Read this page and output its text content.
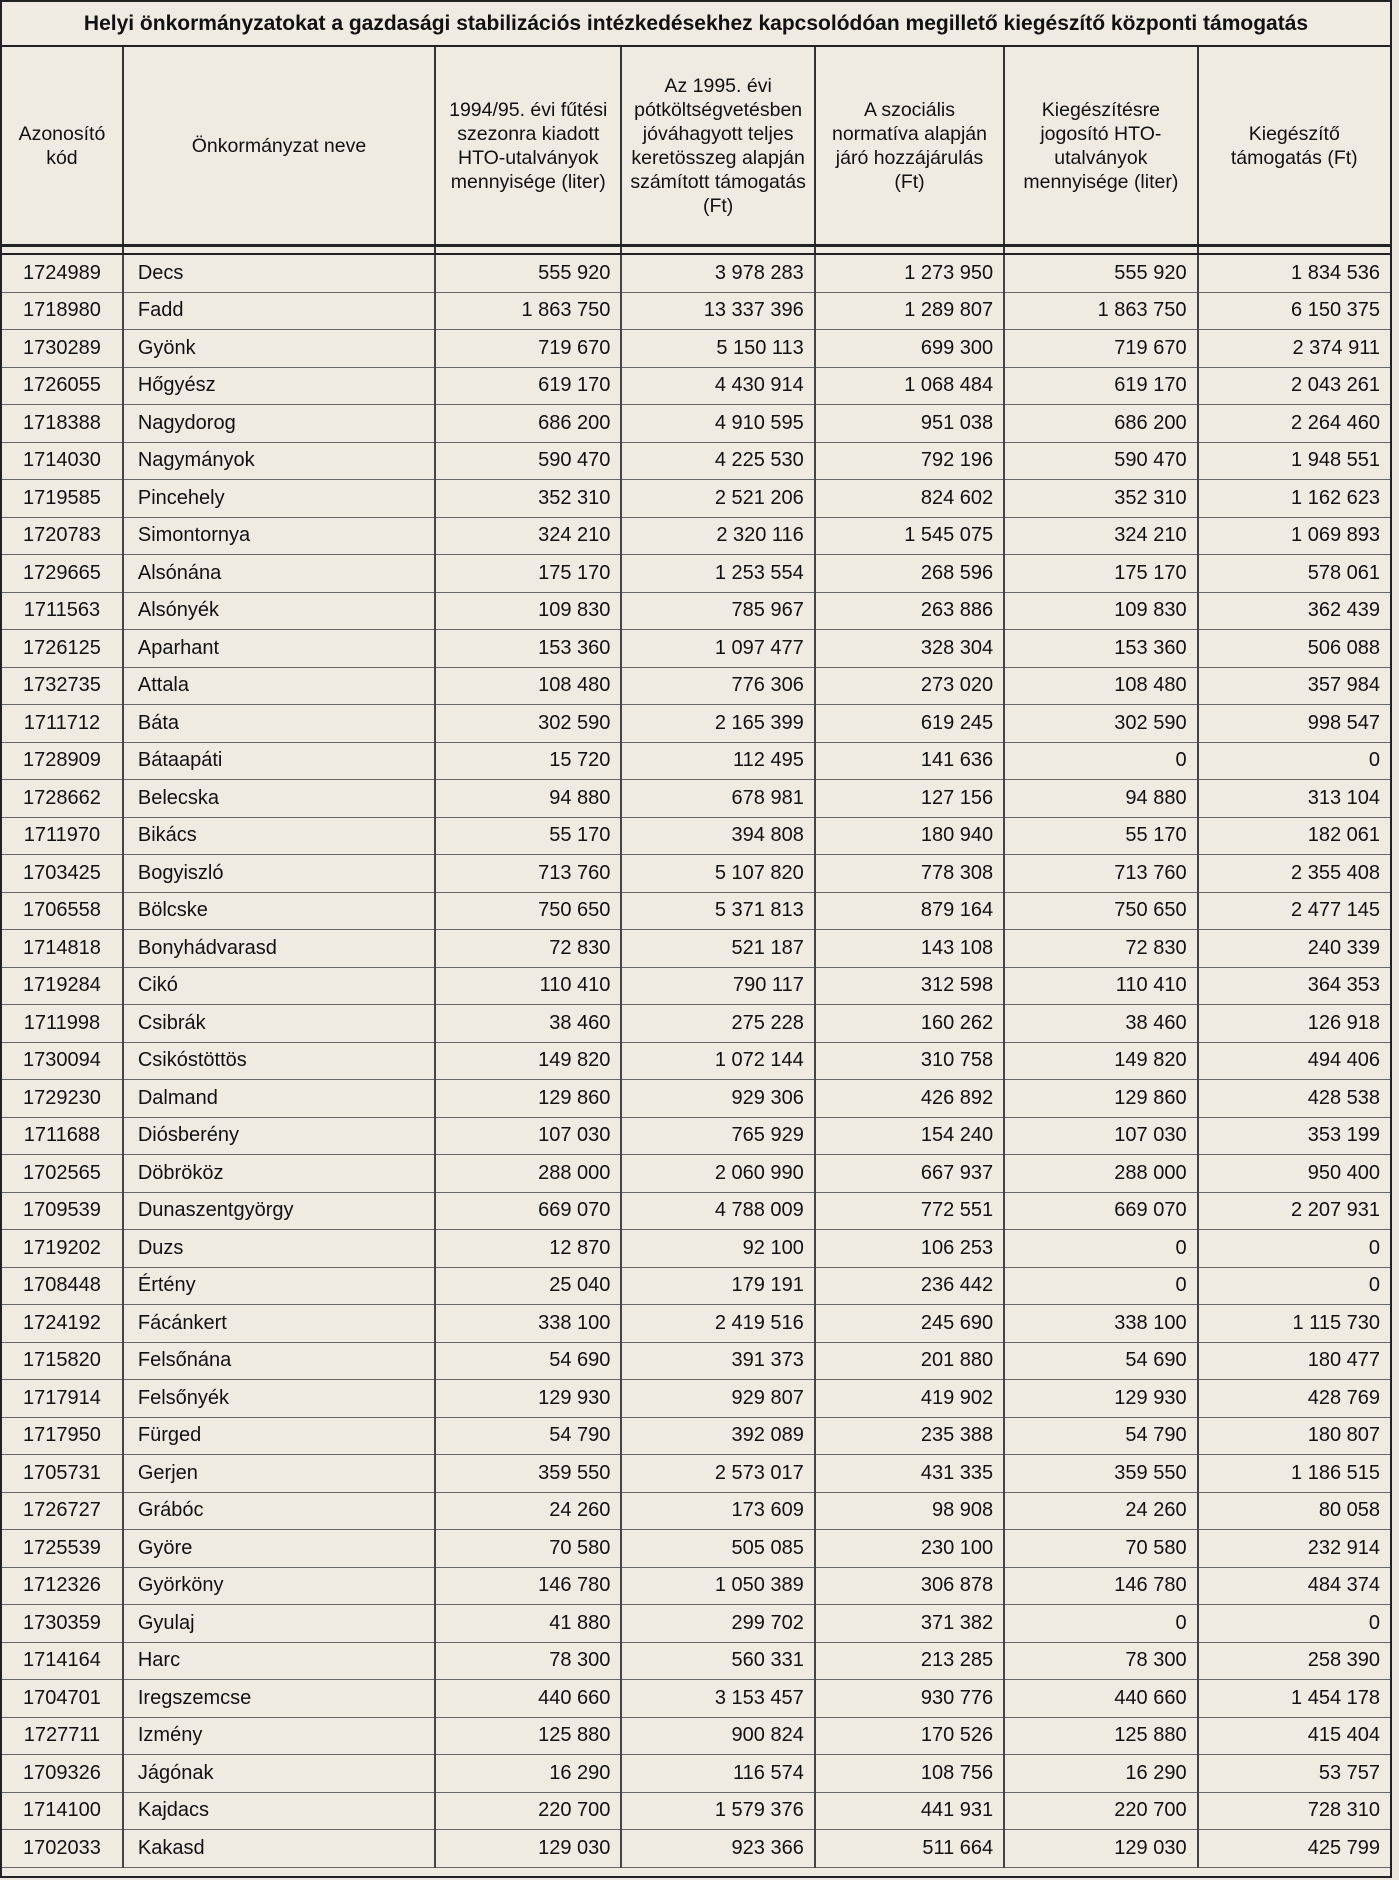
Helyi önkormányzatokat a gazdasági stabilizációs intézkedésekhez kapcsolódóan megillető kiegészítő központi támogatás
Azonosító kód	Önkormányzat neve	1994/95. évi fűtési szezonra kiadott HTO-utalványok mennyisége (liter)	Az 1995. évi pótköltségvetésben jóváhagyott teljes keretösszeg alapján számított támogatás (Ft)	A szociális normatíva alapján járó hozzájárulás (Ft)	Kiegészítésre jogosító HTO-utalványok mennyisége (liter)	Kiegészítő támogatás (Ft)

1724989	Decs	555 920	3 978 283	1 273 950	555 920	1 834 536
1718980	Fadd	1 863 750	13 337 396	1 289 807	1 863 750	6 150 375
1730289	Gyönk	719 670	5 150 113	699 300	719 670	2 374 911
1726055	Hőgyész	619 170	4 430 914	1 068 484	619 170	2 043 261
1718388	Nagydorog	686 200	4 910 595	951 038	686 200	2 264 460
1714030	Nagymányok	590 470	4 225 530	792 196	590 470	1 948 551
1719585	Pincehely	352 310	2 521 206	824 602	352 310	1 162 623
1720783	Simontornya	324 210	2 320 116	1 545 075	324 210	1 069 893
1729665	Alsónána	175 170	1 253 554	268 596	175 170	578 061
1711563	Alsónyék	109 830	785 967	263 886	109 830	362 439
1726125	Aparhant	153 360	1 097 477	328 304	153 360	506 088
1732735	Attala	108 480	776 306	273 020	108 480	357 984
1711712	Báta	302 590	2 165 399	619 245	302 590	998 547
1728909	Bátaapáti	15 720	112 495	141 636	0	0
1728662	Belecska	94 880	678 981	127 156	94 880	313 104
1711970	Bikács	55 170	394 808	180 940	55 170	182 061
1703425	Bogyiszló	713 760	5 107 820	778 308	713 760	2 355 408
1706558	Bölcske	750 650	5 371 813	879 164	750 650	2 477 145
1714818	Bonyhádvarasd	72 830	521 187	143 108	72 830	240 339
1719284	Cikó	110 410	790 117	312 598	110 410	364 353
1711998	Csibrák	38 460	275 228	160 262	38 460	126 918
1730094	Csikóstöttös	149 820	1 072 144	310 758	149 820	494 406
1729230	Dalmand	129 860	929 306	426 892	129 860	428 538
1711688	Diósberény	107 030	765 929	154 240	107 030	353 199
1702565	Döbrököz	288 000	2 060 990	667 937	288 000	950 400
1709539	Dunaszentgyörgy	669 070	4 788 009	772 551	669 070	2 207 931
1719202	Duzs	12 870	92 100	106 253	0	0
1708448	Értény	25 040	179 191	236 442	0	0
1724192	Fácánkert	338 100	2 419 516	245 690	338 100	1 115 730
1715820	Felsőnána	54 690	391 373	201 880	54 690	180 477
1717914	Felsőnyék	129 930	929 807	419 902	129 930	428 769
1717950	Fürged	54 790	392 089	235 388	54 790	180 807
1705731	Gerjen	359 550	2 573 017	431 335	359 550	1 186 515
1726727	Grábóc	24 260	173 609	98 908	24 260	80 058
1725539	Györe	70 580	505 085	230 100	70 580	232 914
1712326	Györköny	146 780	1 050 389	306 878	146 780	484 374
1730359	Gyulaj	41 880	299 702	371 382	0	0
1714164	Harc	78 300	560 331	213 285	78 300	258 390
1704701	Iregszemcse	440 660	3 153 457	930 776	440 660	1 454 178
1727711	Izmény	125 880	900 824	170 526	125 880	415 404
1709326	Jágónak	16 290	116 574	108 756	16 290	53 757
1714100	Kajdacs	220 700	1 579 376	441 931	220 700	728 310
1702033	Kakasd	129 030	923 366	511 664	129 030	425 799
